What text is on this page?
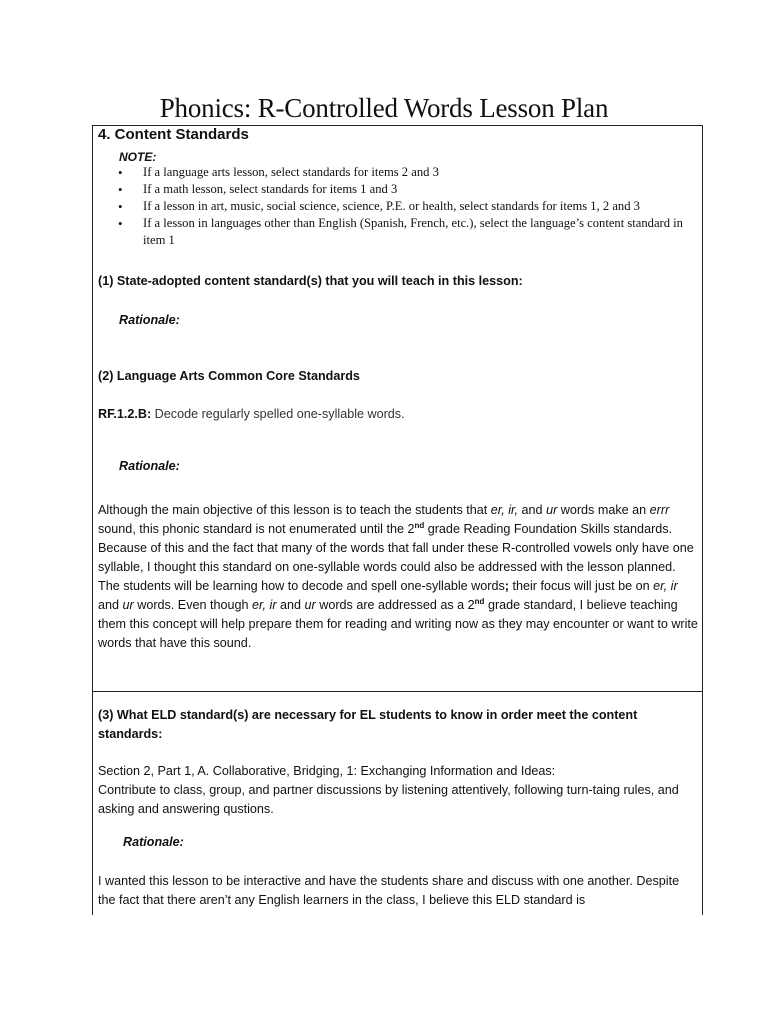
Phonics: R-Controlled Words Lesson Plan
4. Content Standards
NOTE:
• If a language arts lesson, select standards for items 2 and 3
• If a math lesson, select standards for items 1 and 3
• If a lesson in art, music, social science, science, P.E. or health, select standards for items 1, 2 and 3
• If a lesson in languages other than English (Spanish, French, etc.), select the language’s content standard in item 1
(1) State-adopted content standard(s) that you will teach in this lesson:
Rationale:
(2) Language Arts Common Core Standards
RF.1.2.B: Decode regularly spelled one-syllable words.
Rationale:
Although the main objective of this lesson is to teach the students that er, ir, and ur words make an errr sound, this phonic standard is not enumerated until the 2nd grade Reading Foundation Skills standards. Because of this and the fact that many of the words that fall under these R-controlled vowels only have one syllable, I thought this standard on one-syllable words could also be addressed with the lesson planned. The students will be learning how to decode and spell one-syllable words; their focus will just be on er, ir and ur words. Even though er, ir and ur words are addressed as a 2nd grade standard, I believe teaching them this concept will help prepare them for reading and writing now as they may encounter or want to write words that have this sound.
(3) What ELD standard(s) are necessary for EL students to know in order meet the content standards:
Section 2, Part 1, A. Collaborative, Bridging, 1: Exchanging Information and Ideas:
Contribute to class, group, and partner discussions by listening attentively, following turn-taing rules, and asking and answering qustions.
Rationale:
I wanted this lesson to be interactive and have the students share and discuss with one another. Despite the fact that there aren’t any English learners in the class, I believe this ELD standard is
